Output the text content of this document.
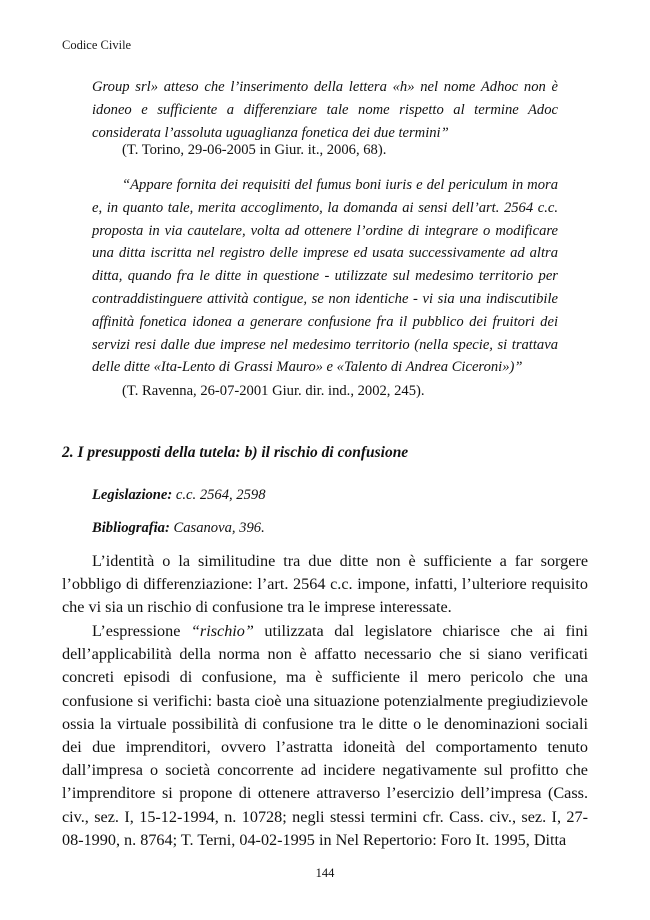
Codice Civile
Group srl» atteso che l’inserimento della lettera «h» nel nome Adhoc non è idoneo e sufficiente a differenziare tale nome rispetto al termine Adoc considerata l’assoluta uguaglianza fonetica dei due termini”
(T. Torino, 29-06-2005 in Giur. it., 2006, 68).
“Appare fornita dei requisiti del fumus boni iuris e del periculum in mora e, in quanto tale, merita accoglimento, la domanda ai sensi dell’art. 2564 c.c. proposta in via cautelare, volta ad ottenere l’ordine di integrare o modificare una ditta iscritta nel registro delle imprese ed usata successivamente ad altra ditta, quando fra le ditte in questione - utilizzate sul medesimo territorio per contraddistinguere attività contigue, se non identiche - vi sia una indiscutibile affinità fonetica idonea a generare confusione fra il pubblico dei fruitori dei servizi resi dalle due imprese nel medesimo territorio (nella specie, si trattava delle ditte «Ita-Lento di Grassi Mauro» e «Talento di Andrea Ciceroni»)”
(T. Ravenna, 26-07-2001 Giur. dir. ind., 2002, 245).
2. I presupposti della tutela: b) il rischio di confusione
Legislazione: c.c. 2564, 2598
Bibliografia: Casanova, 396.

L’identità o la similitudine tra due ditte non è sufficiente a far sorgere l’obbligo di differenziazione: l’art. 2564 c.c. impone, infatti, l’ulteriore requisito che vi sia un rischio di confusione tra le imprese interessate.

L’espressione “rischio” utilizzata dal legislatore chiarisce che ai fini dell’applicabilità della norma non è affatto necessario che si siano verificati concreti episodi di confusione, ma è sufficiente il mero pericolo che una confusione si verifichi: basta cioè una situazione potenzialmente pregiudizievole ossia la virtuale possibilità di confusione tra le ditte o le denominazioni sociali dei due imprenditori, ovvero l’astratta idoneità del comportamento tenuto dall’impresa o società concorrente ad incidere negativamente sul profitto che l’imprenditore si propone di ottenere attraverso l’esercizio dell’impresa (Cass. civ., sez. I, 15-12-1994, n. 10728; negli stessi termini cfr. Cass. civ., sez. I, 27-08-1990, n. 8764; T. Terni, 04-02-1995 in Nel Repertorio: Foro It. 1995, Ditta

144
